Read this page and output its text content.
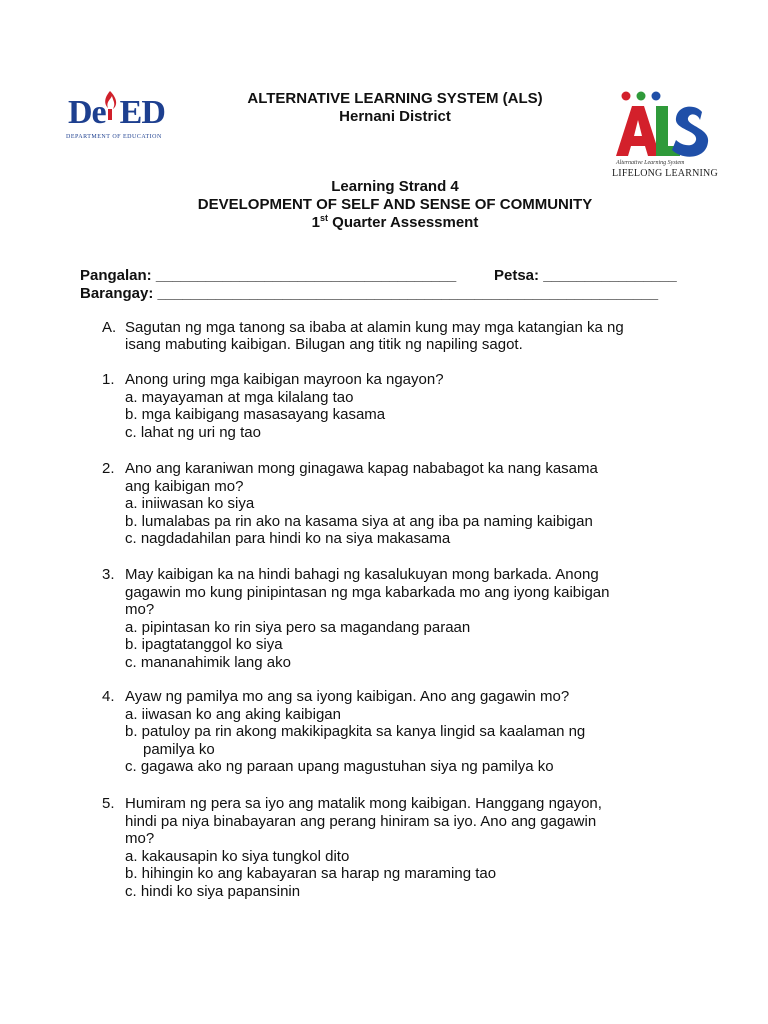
De ED
DEPARTMENT OF EDUCATION
Alternative Learning System
LIFELONG LEARNING
ALTERNATIVE LEARNING SYSTEM (ALS)
Hernani District
Learning Strand 4
DEVELOPMENT OF SELF AND SENSE OF COMMUNITY
1st Quarter Assessment
Pangalan: ____________________________________	Petsa: ________________
Barangay: ____________________________________________________________
A. Sagutan ng mga tanong sa ibaba at alamin kung may mga katangian ka ng
isang mabuting kaibigan. Bilugan ang titik ng napiling sagot.
1. Anong uring mga kaibigan mayroon ka ngayon?
a. mayayaman at mga kilalang tao
b. mga kaibigang masasayang kasama
c. lahat ng uri ng tao
2. Ano ang karaniwan mong ginagawa kapag nababagot ka nang kasama
ang kaibigan mo?
a. iniiwasan ko siya
b. lumalabas pa rin ako na kasama siya at ang iba pa naming kaibigan
c. nagdadahilan para hindi ko na siya makasama
3. May kaibigan ka na hindi bahagi ng kasalukuyan mong barkada. Anong
gagawin mo kung pinipintasan ng mga kabarkada mo ang iyong kaibigan
mo?
a. pipintasan ko rin siya pero sa magandang paraan
b. ipagtatanggol ko siya
c. mananahimik lang ako
4. Ayaw ng pamilya mo ang sa iyong kaibigan. Ano ang gagawin mo?
a. iiwasan ko ang aking kaibigan
b. patuloy pa rin akong makikipagkita sa kanya lingid sa kaalaman ng
pamilya ko
c. gagawa ako ng paraan upang magustuhan siya ng pamilya ko
5. Humiram ng pera sa iyo ang matalik mong kaibigan. Hanggang ngayon,
hindi pa niya binabayaran ang perang hiniram sa iyo. Ano ang gagawin
mo?
a. kakausapin ko siya tungkol dito
b. hihingin ko ang kabayaran sa harap ng maraming tao
c. hindi ko siya papansinin
